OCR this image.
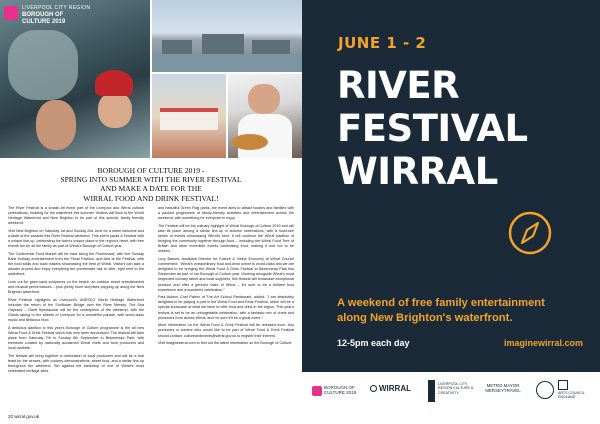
LIVERPOOL CITY REGION
BOROUGH OF
CULTURE 2019
BOROUGH OF CULTURE 2019 -
SPRING INTO SUMMER WITH THE RIVER FESTIVAL
AND MAKE A DATE FOR THE
WIRRAL FOOD AND DRINK FESTIVAL!

The River Festival is a smash-hit event part of the Liverpool and Wirral cultural celebrations, heading for the waterfront this summer. Visitors will flock to the World Heritage Waterfront and New Brighton to be part of this special, family friendly weekend.

Visit New Brighton on Saturday 1st and Sunday 2nd June for a warm welcome and a taste of the seaside this River Festival weekend. This event packs a Festival with a unique line-up, celebrating the town's unique place in the region's heart, with free events fun for all the family as part of Wirral's Borough of Culture year.

The Continental Food Market will be back along the Promenade, with live Sunday Bank Holiday entertainment from the Floral Pavilion, and Arts at the Festival, with the food stalls and local makers showcasing the best of Wirral. Visitors can take a wander around and enjoy everything the promenade has to offer, right next to the waterfront.

Look out for giant sand sculptures on the beach, an outdoor street entertainment and musical performances – plus plenty more surprises popping up along the New Brighton waterfront.

River Festival highlights as Liverpool's UNESCO World Heritage Waterfront includes the return of the Sunflower Bridge over the River Mersey. The Sea Odyssey – Giant Spectacular will be the centrepiece of the weekend, with the Giants taking to the streets of Liverpool for a wonderful parade, with world-class music and delicious food.

A delicious addition to this year's Borough of Culture programme is the all new Wirral Food & Drink Festival which has now been announced. The festival will take place from Saturday 7th to Sunday 8th September in Birkenhead Park, with elements curated by nationally acclaimed Wirral chefs and food producers and local markets.

The festival will bring together a celebration of local producers and will be a real feast for the senses, with cookery demonstrations, street food, and a stellar line-up throughout the weekend. Set against the backdrop of one of Wirral's most celebrated heritage sites.

and beautiful Green Flag parks, the event aims to attract foodies and families with a packed programme of family-friendly activities and entertainment across the weekend, with something for everyone to enjoy.

The Festival will be the culinary highlight of Wirral Borough of Culture 2019 and will take its place among a stellar line-up of autumn celebrations, with a must-see series of events showcasing Wirral's best. It will continue the Wirral tradition of bringing the community together through food – including the Wirral Food Tree of Britain and other incredible events celebrating food, making it one not to be missed.

Lucy Barnes, Assistant Director for Culture & Visitor Economy at Wirral Council commented: "Wirral's extraordinary food and drink scene is world-class and we are delighted to be bringing the Wirral Food & Drink Festival to Birkenhead Park this September as part of our Borough of Culture year. Working alongside Wirral's most respected culinary talent and local suppliers, this festival will showcase exceptional produce and offer a genuine taste of Wirral – it's sure to be a brilliant food experience and a wonderful celebration."

Paul Askew, Chef Patron of The Art School Restaurant, added: "I am absolutely delighted to be playing a part in the Wirral Food and Drink Festival, which will be a special showcase of what we have to offer food and drink in the region. This year's festival is set to be an unforgettable celebration, with a fantastic mix of chefs and producers from across Wirral, and I'm sure it'll be a great event."

More information on the Wirral Food & Drink Festival will be released soon. Any producers or traders who would like to be part of Wirral Food & Drink Festival should contact: cultureandevents@wirral.gov.uk to register their interest.

Visit imaginewirral.com to find out the latest information on the Borough of Culture.

20 wirral.gov.uk
JUNE 1 - 2
RIVER
FESTIVAL
WIRRAL
A weekend of free family entertainment
along New Brighton's waterfront.
12-5pm each day	imaginewirral.com
BOROUGH OF
CULTURE 2019	WIRRAL	LIVERPOOL CITY REGION CULTURE & CREATIVITY
METRO MAYOR MERSEYTRAVEL	ARTS COUNCIL ENGLAND
